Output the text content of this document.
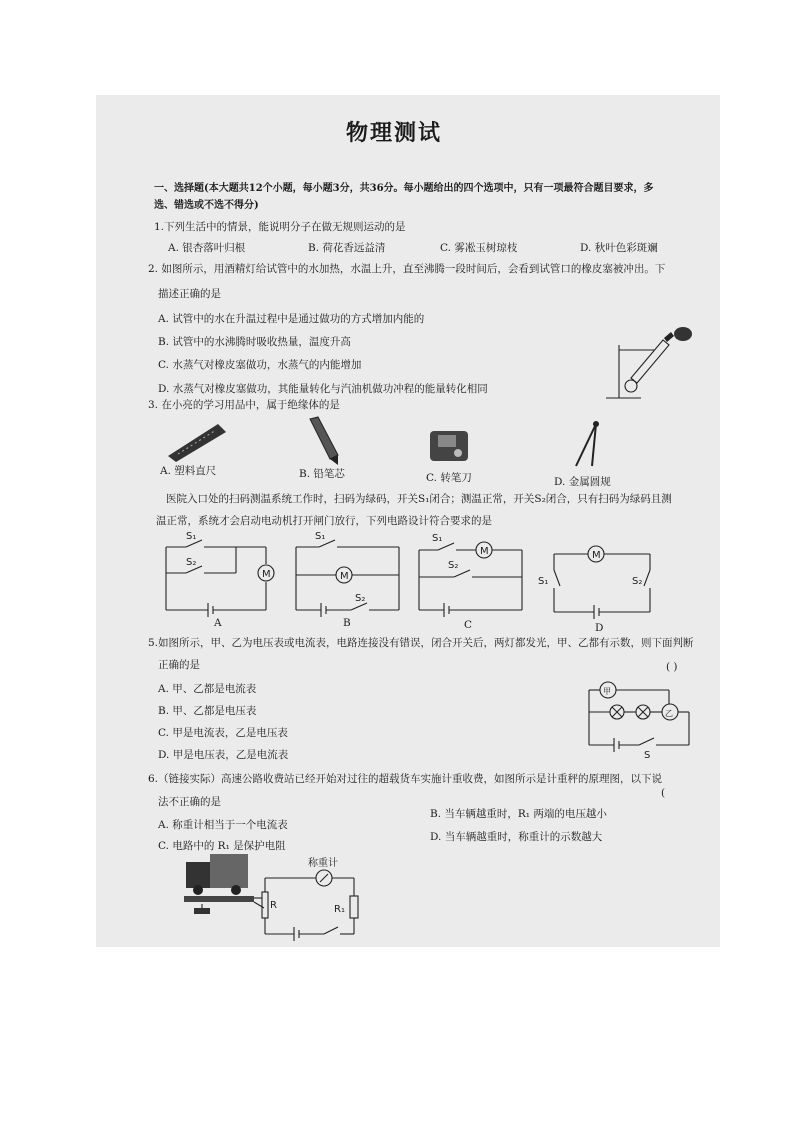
物理测试
一、选择题(本大题共12个小题，每小题3分，共36分。每小题给出的四个选项中，只有一项最符合题目要求，多
选、错选或不选不得分)
1.下列生活中的情景，能说明分子在做无规则运动的是
A. 银杏落叶归根	B. 荷花香远益清	C. 雾凇玉树琼枝	D. 秋叶色彩斑斓
2. 如图所示，用酒精灯给试管中的水加热，水温上升，直至沸腾一段时间后，会看到试管口的橡皮塞被冲出。下
描述正确的是
A. 试管中的水在升温过程中是通过做功的方式增加内能的
B. 试管中的水沸腾时吸收热量，温度升高
C. 水蒸气对橡皮塞做功，水蒸气的内能增加
D. 水蒸气对橡皮塞做功，其能量转化与汽油机做功冲程的能量转化相同
3. 在小亮的学习用品中，属于绝缘体的是
A. 塑料直尺	B. 铅笔芯	C. 转笔刀	D. 金属圆规
医院入口处的扫码测温系统工作时，扫码为绿码，开关S₁闭合；测温正常，开关S₂闭合，只有扫码为绿码且测
温正常，系统才会启动电动机打开闸门放行，下列电路设计符合要求的是
M
S₁
S₂
A
M
S₁
S₂
B
M
S₁
S₂
C
M
S₁	S₂
D
5.如图所示，甲、乙为电压表或电流表，电路连接没有错误，闭合开关后，两灯都发光，甲、乙都有示数，则下面判断
正确的是	( )
A. 甲、乙都是电流表
B. 甲、乙都是电压表
C. 甲是电流表，乙是电压表
D. 甲是电压表，乙是电流表
甲
乙
S
6.（链接实际）高速公路收费站已经开始对过往的超载货车实施计重收费，如图所示是计重秤的原理图，以下说
法不正确的是
(
A. 称重计相当于一个电流表
B. 当车辆越重时，R₁ 两端的电压越小
C. 电路中的 R₁ 是保护电阻
D. 当车辆越重时，称重计的示数越大
R	R₁
称重计
